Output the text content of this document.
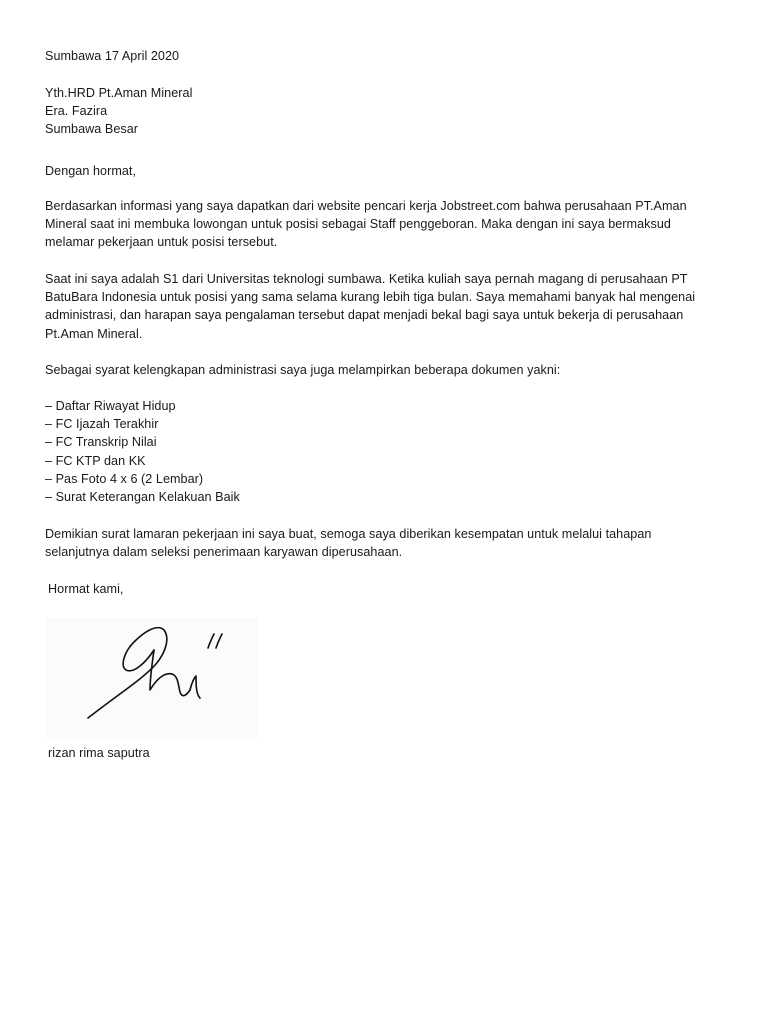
Sumbawa 17 April 2020
Yth.HRD Pt.Aman Mineral
Era. Fazira
Sumbawa Besar
Dengan hormat,
Berdasarkan informasi yang saya dapatkan dari website pencari kerja Jobstreet.com bahwa perusahaan PT.Aman
Mineral saat ini membuka lowongan untuk posisi sebagai Staff penggeboran. Maka dengan ini saya bermaksud
melamar pekerjaan untuk posisi tersebut.
Saat ini saya adalah S1 dari Universitas teknologi sumbawa. Ketika kuliah saya pernah magang di perusahaan PT
BatuBara Indonesia untuk posisi yang sama selama kurang lebih tiga bulan. Saya memahami banyak hal mengenai
administrasi, dan harapan saya pengalaman tersebut dapat menjadi bekal bagi saya untuk bekerja di perusahaan
Pt.Aman Mineral.
Sebagai syarat kelengkapan administrasi saya juga melampirkan beberapa dokumen yakni:
– Daftar Riwayat Hidup
– FC Ijazah Terakhir
– FC Transkrip Nilai
– FC KTP dan KK
– Pas Foto 4 x 6 (2 Lembar)
– Surat Keterangan Kelakuan Baik
Demikian surat lamaran pekerjaan ini saya buat, semoga saya diberikan kesempatan untuk melalui tahapan
selanjutnya dalam seleksi penerimaan karyawan diperusahaan.
Hormat kami,
rizan rima saputra
